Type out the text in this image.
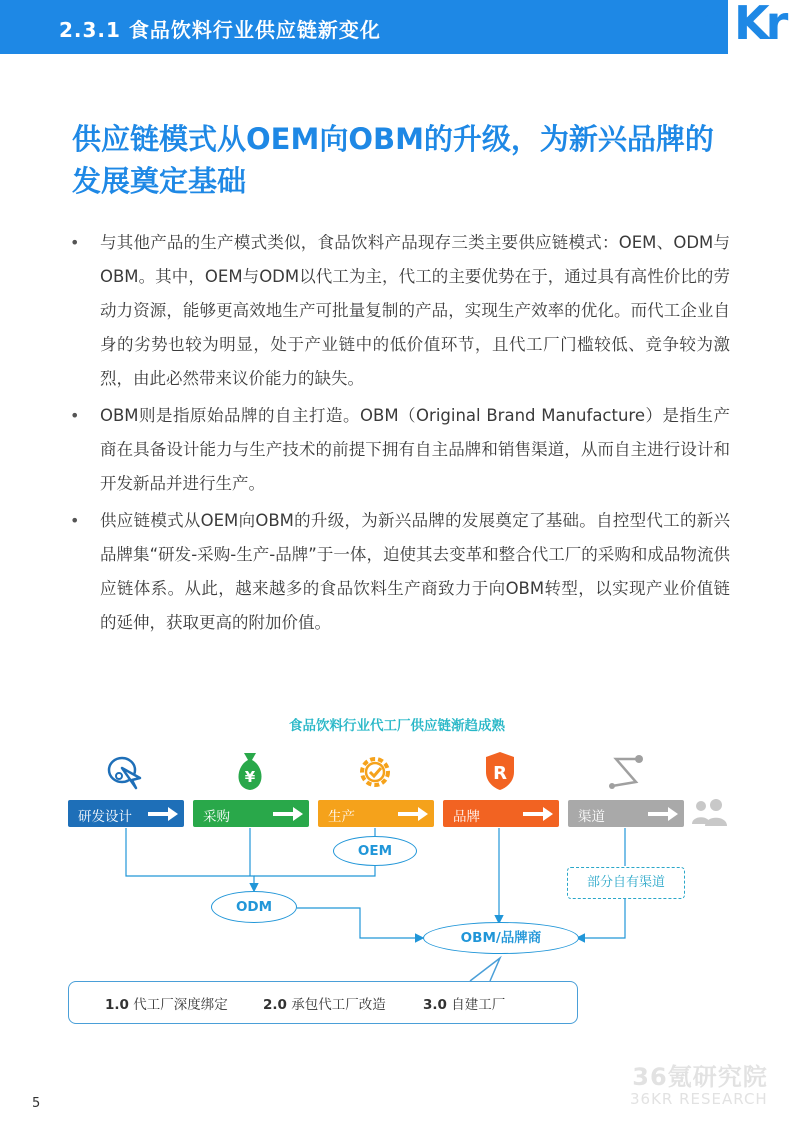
2.3.1 食品饮料行业供应链新变化	36 Kr
供应链模式从OEM向OBM的升级，为新兴品牌的发展奠定基础
• 与其他产品的生产模式类似，食品饮料产品现存三类主要供应链模式：OEM、ODM与OBM。其中，OEM与ODM以代工为主，代工的主要优势在于，通过具有高性价比的劳动力资源，能够更高效地生产可批量复制的产品，实现生产效率的优化。而代工企业自身的劣势也较为明显，处于产业链中的低价值环节，且代工厂门槛较低、竞争较为激烈，由此必然带来议价能力的缺失。
• OBM则是指原始品牌的自主打造。OBM（Original Brand Manufacture）是指生产商在具备设计能力与生产技术的前提下拥有自主品牌和销售渠道，从而自主进行设计和开发新品并进行生产。
• 供应链模式从OEM向OBM的升级，为新兴品牌的发展奠定了基础。自控型代工的新兴品牌集“研发-采购-生产-品牌”于一体，迫使其去变革和整合代工厂的采购和成品物流供应链体系。从此，越来越多的食品饮料生产商致力于向OBM转型，以实现产业价值链的延伸，获取更高的附加价值。
食品饮料行业代工厂供应链渐趋成熟
¥	R
研发设计	采购	生产	品牌	渠道
OEM
ODM
OBM/品牌商
部分自有渠道
1.0 代工厂深度绑定	2.0 承包代工厂改造	3.0 自建工厂
36氪研究院
36KR RESEARCH
5
